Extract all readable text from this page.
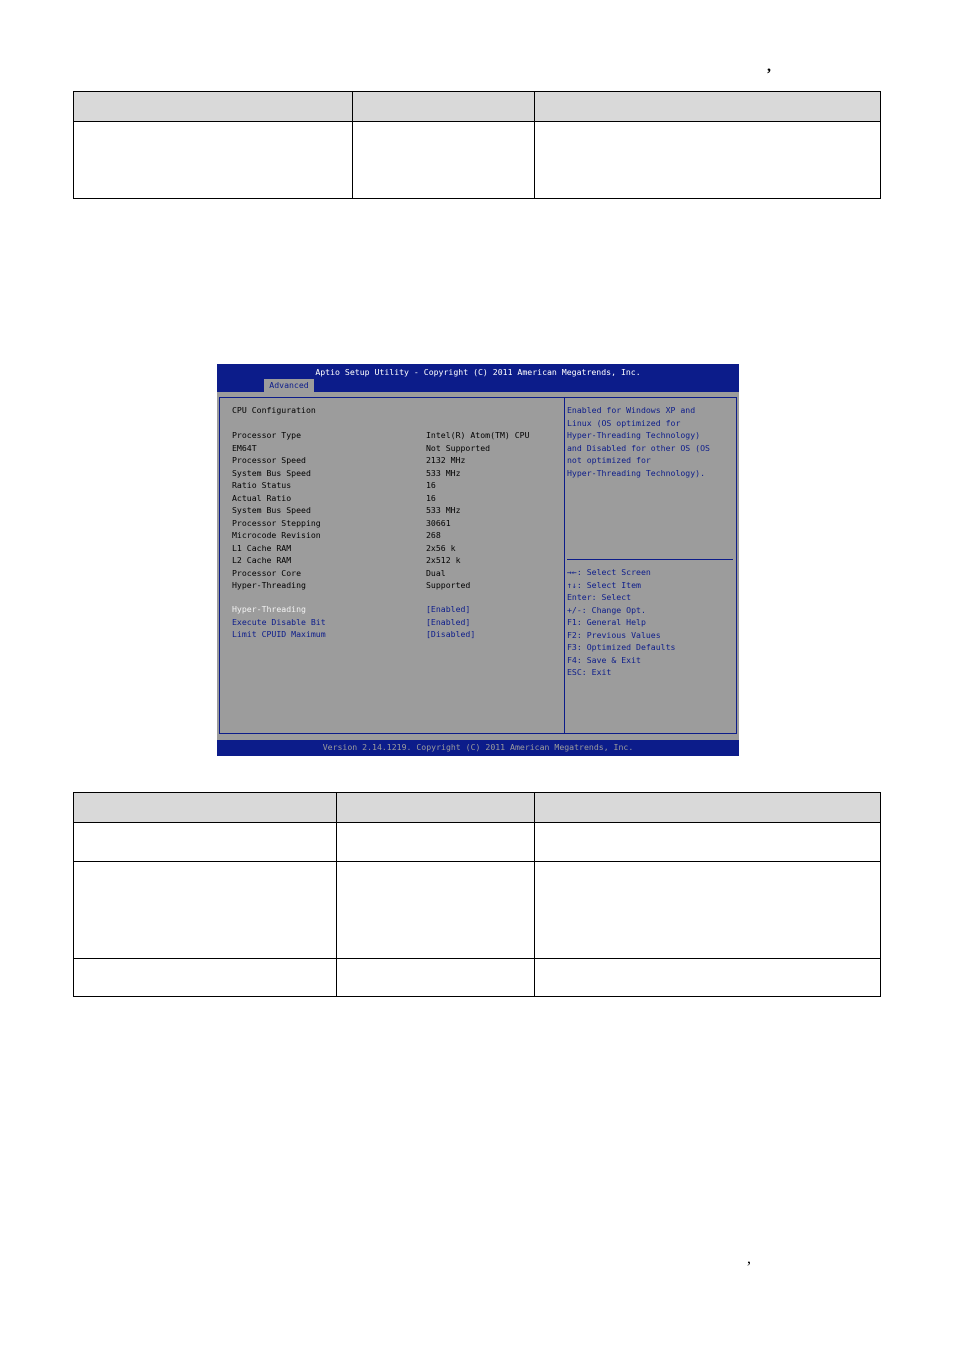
,

Aptio Setup Utility - Copyright (C) 2011 American Megatrends, Inc.
Advanced
CPU Configuration
Processor Type	Intel(R) Atom(TM) CPU
EM64T	Not Supported
Processor Speed	2132 MHz
System Bus Speed	533 MHz
Ratio Status	16
Actual Ratio	16
System Bus Speed	533 MHz
Processor Stepping	30661
Microcode Revision	268
L1 Cache RAM	2x56 k
L2 Cache RAM	2x512 k
Processor Core	Dual
Hyper-Threading	Supported
Hyper-Threading	[Enabled]
Execute Disable Bit	[Enabled]
Limit CPUID Maximum	[Disabled]
Enabled for Windows XP and
Linux (OS optimized for
Hyper-Threading Technology)
and Disabled for other OS (OS
not optimized for
Hyper-Threading Technology).
→←: Select Screen
↑↓: Select Item
Enter: Select
+/-: Change Opt.
F1: General Help
F2: Previous Values
F3: Optimized Defaults
F4: Save & Exit
ESC: Exit
Version 2.14.1219. Copyright (C) 2011 American Megatrends, Inc.

,
